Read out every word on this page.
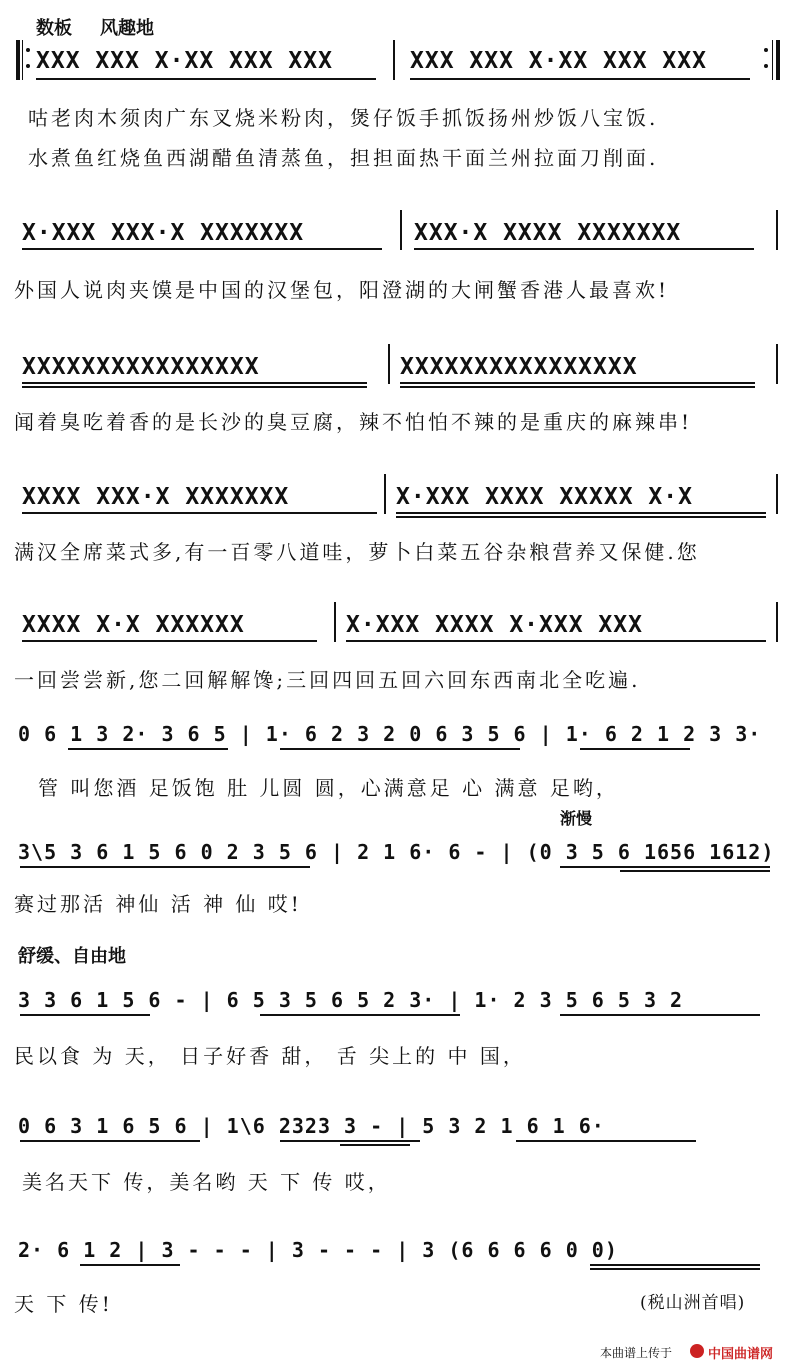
数板 风趣地
XXX XXX X·XX XXX XXX	XXX XXX X·XX XXX XXX
咕老肉木须肉广东叉烧米粉肉，煲仔饭手抓饭扬州炒饭八宝饭.
水煮鱼红烧鱼西湖醋鱼清蒸鱼，担担面热干面兰州拉面刀削面.
X·XXX XXX·X XXXXXXX	XXX·X XXXX XXXXXXX
外国人说肉夹馍是中国的汉堡包，阳澄湖的大闸蟹香港人最喜欢!
XXXXXXXXXXXXXXXX	XXXXXXXXXXXXXXXX
闻着臭吃着香的是长沙的臭豆腐，辣不怕怕不辣的是重庆的麻辣串!
XXXX XXX·X XXXXXXX	X·XXX XXXX XXXXX X·X
满汉全席菜式多,有一百零八道哇，萝卜白菜五谷杂粮营养又保健.您
XXXX X·X XXXXXX	X·XXX XXXX X·XXX XXX
一回尝尝新,您二回解解馋;三回四回五回六回东西南北全吃遍.
0 6 1 3 2· 3 6 5 | 1· 6 2 3 2 0 6 3 5 6 | 1· 6 2 1 2 3 3·
管 叫您酒 足饭饱 肚 儿圆 圆，心满意足 心 满意 足哟，
渐慢
3\5 3 6 1 5 6 0 2 3 5 6 | 2 1 6· 6 - | (0 3 5 6 1656 1612)
赛过那活 神仙 活 神 仙 哎!
舒缓、自由地
3 3 6 1 5 6 - | 6 5 3 5 6 5 2 3· | 1· 2 3 5 6 5 3 2
民以食 为 天， 日子好香 甜， 舌 尖上的 中 国，
0 6 3 1 6 5 6 | 1\6 2323 3 - | 5 3 2 1 6 1 6·
美名天下 传，美名哟 天 下 传 哎，
2· 6 1 2 | 3 - - - | 3 - - - | 3 (6 6 6 6 0 0)
天 下 传!	(税山洲首唱)
本曲谱上传于	中国曲谱网
